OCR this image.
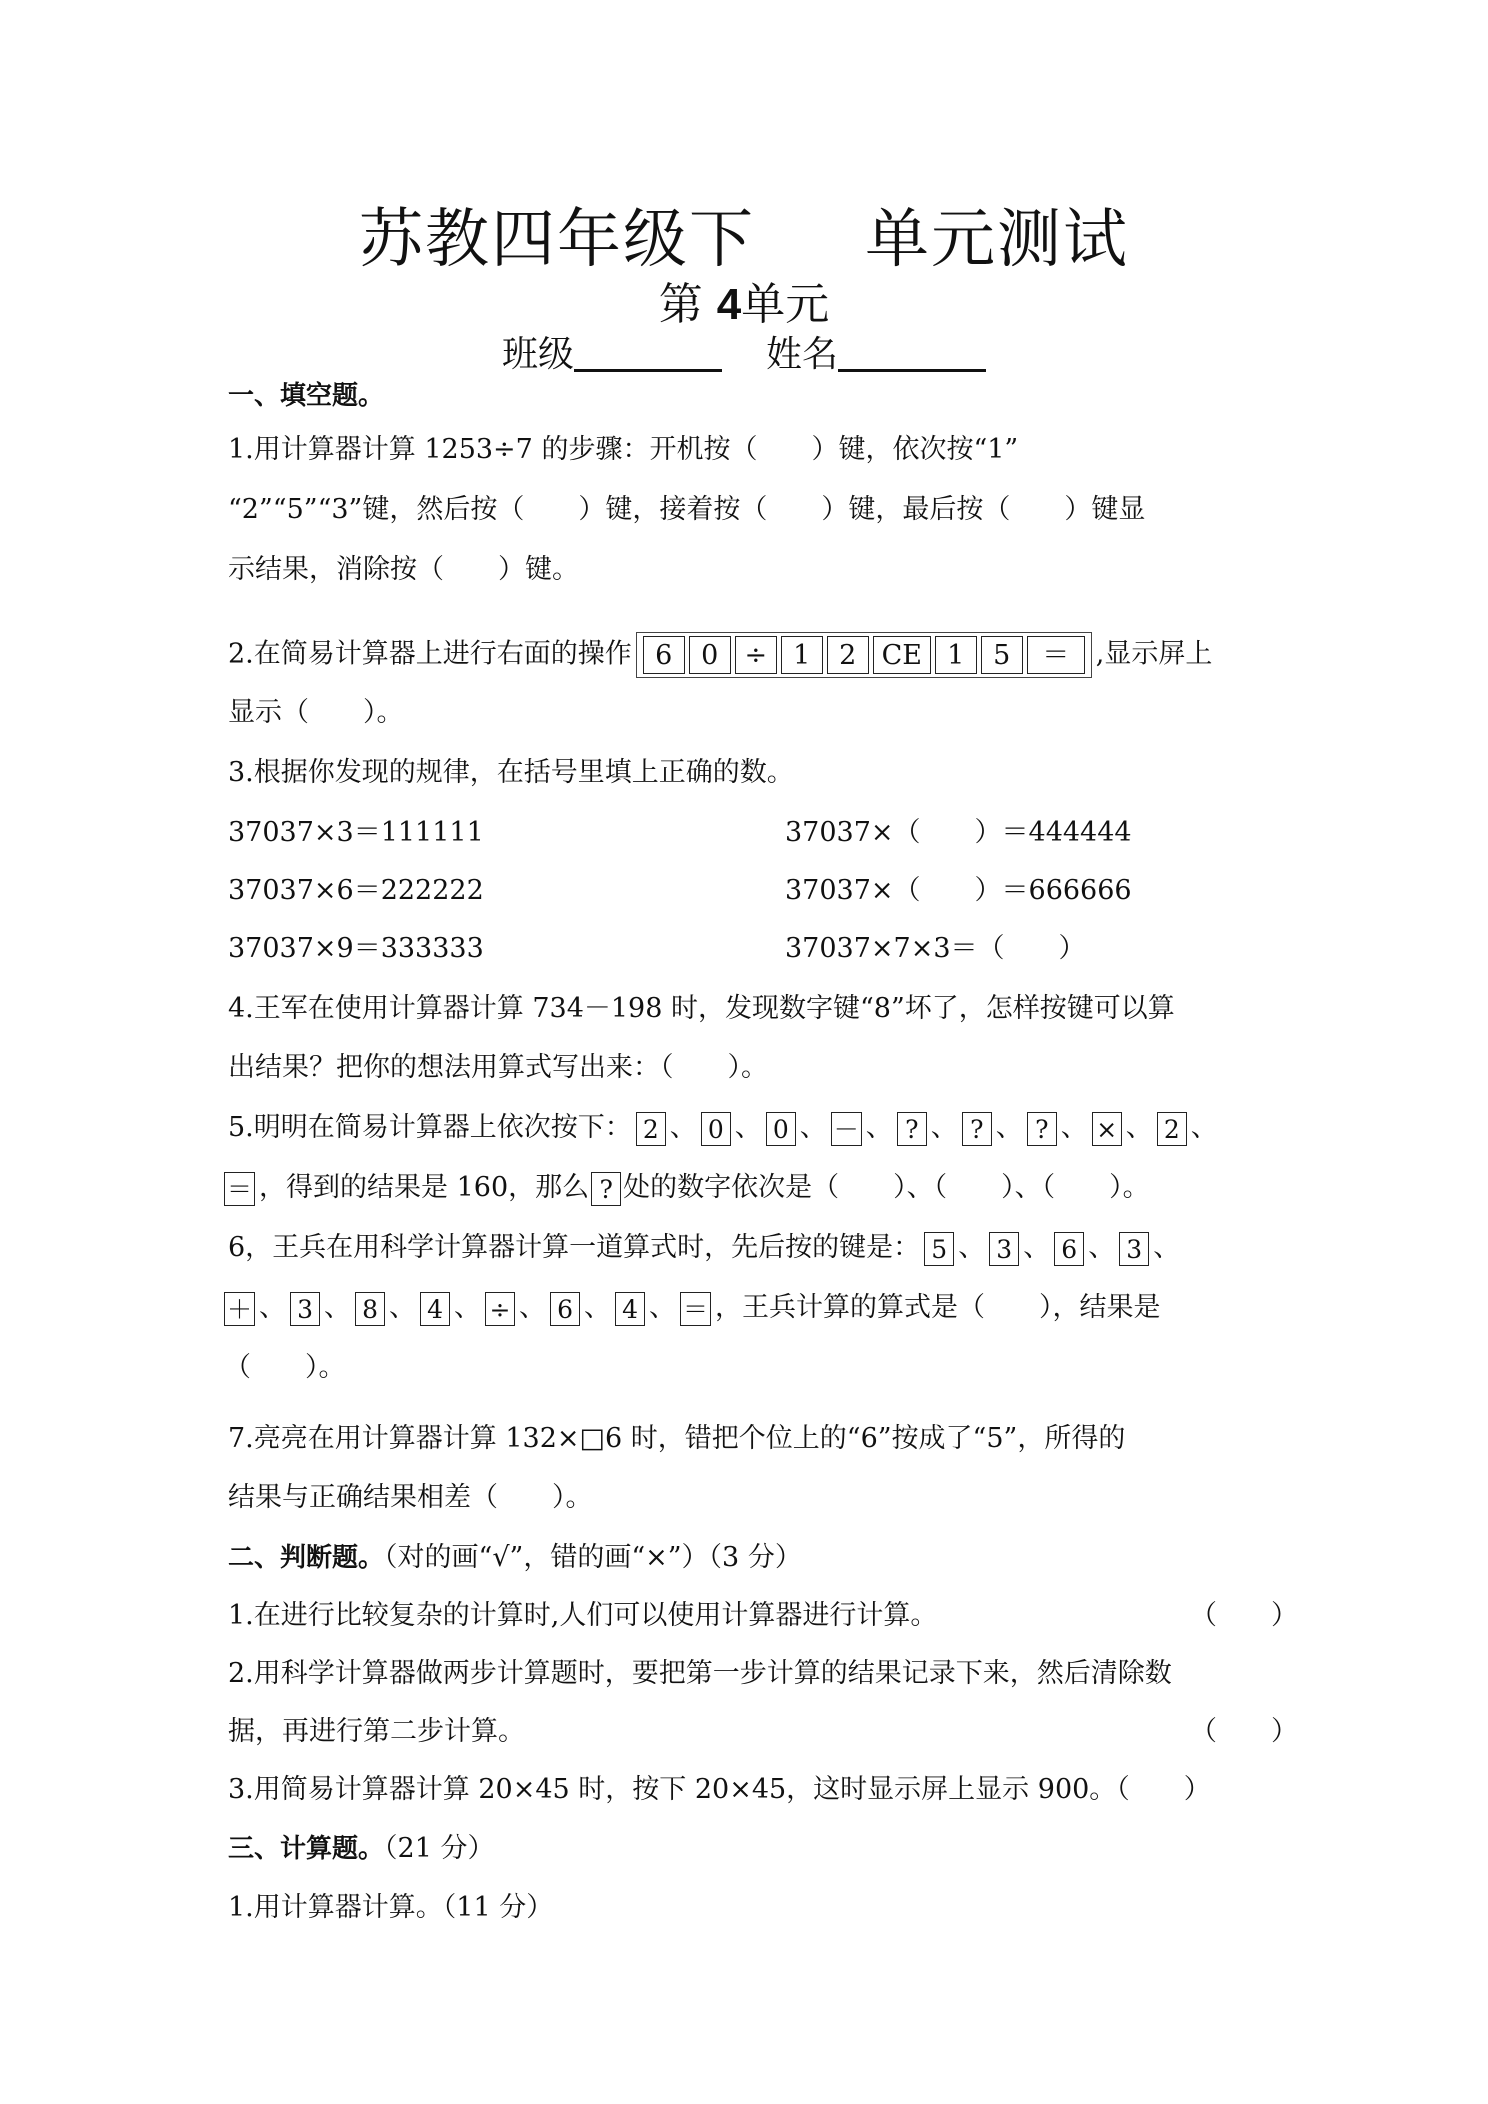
苏教四年级下 单元测试
第 4单元
班级	姓名
一、填空题。
1.用计算器计算 1253÷7 的步骤：开机按（　　）键，依次按“1”
“2”“5”“3”键，然后按（　　）键，接着按（　　）键，最后按（　　）键显
示结果，消除按（　　）键。
2.在简易计算器上进行右面的操作 6 0 ÷ 1 2 CE 1 5 ＝ ,显示屏上
显示（　　）。
3.根据你发现的规律，在括号里填上正确的数。
37037×3＝111111	37037×（　　）＝444444
37037×6＝222222	37037×（　　）＝666666
37037×9＝333333	37037×7×3＝（　　）
4.王军在使用计算器计算 734－198 时，发现数字键“8”坏了，怎样按键可以算
出结果？把你的想法用算式写出来：（　　）。
5.明明在简易计算器上依次按下： 2 、 0 、 0 、 － 、 ? 、 ? 、 ? 、 × 、 2 、
＝ ，得到的结果是 160，那么 ? 处的数字依次是（　　）、（　　）、（　　）。
6，王兵在用科学计算器计算一道算式时，先后按的键是： 5 、 3 、 6 、 3 、
＋ 、 3 、 8 、 4 、 ÷ 、 6 、 4 、 ＝ ，王兵计算的算式是（　　），结果是
（　　）。
7.亮亮在用计算器计算 132×□6 时，错把个位上的“6”按成了“5”，所得的
结果与正确结果相差（　　）。
二、判断题。（对的画“√”，错的画“×”）（3 分）
1.在进行比较复杂的计算时,人们可以使用计算器进行计算。	（　　）
2.用科学计算器做两步计算题时，要把第一步计算的结果记录下来，然后清除数
据，再进行第二步计算。	（　　）
3.用简易计算器计算 20×45 时，按下 20×45，这时显示屏上显示 900。（　　）
三、计算题。（21 分）
1.用计算器计算。（11 分）
